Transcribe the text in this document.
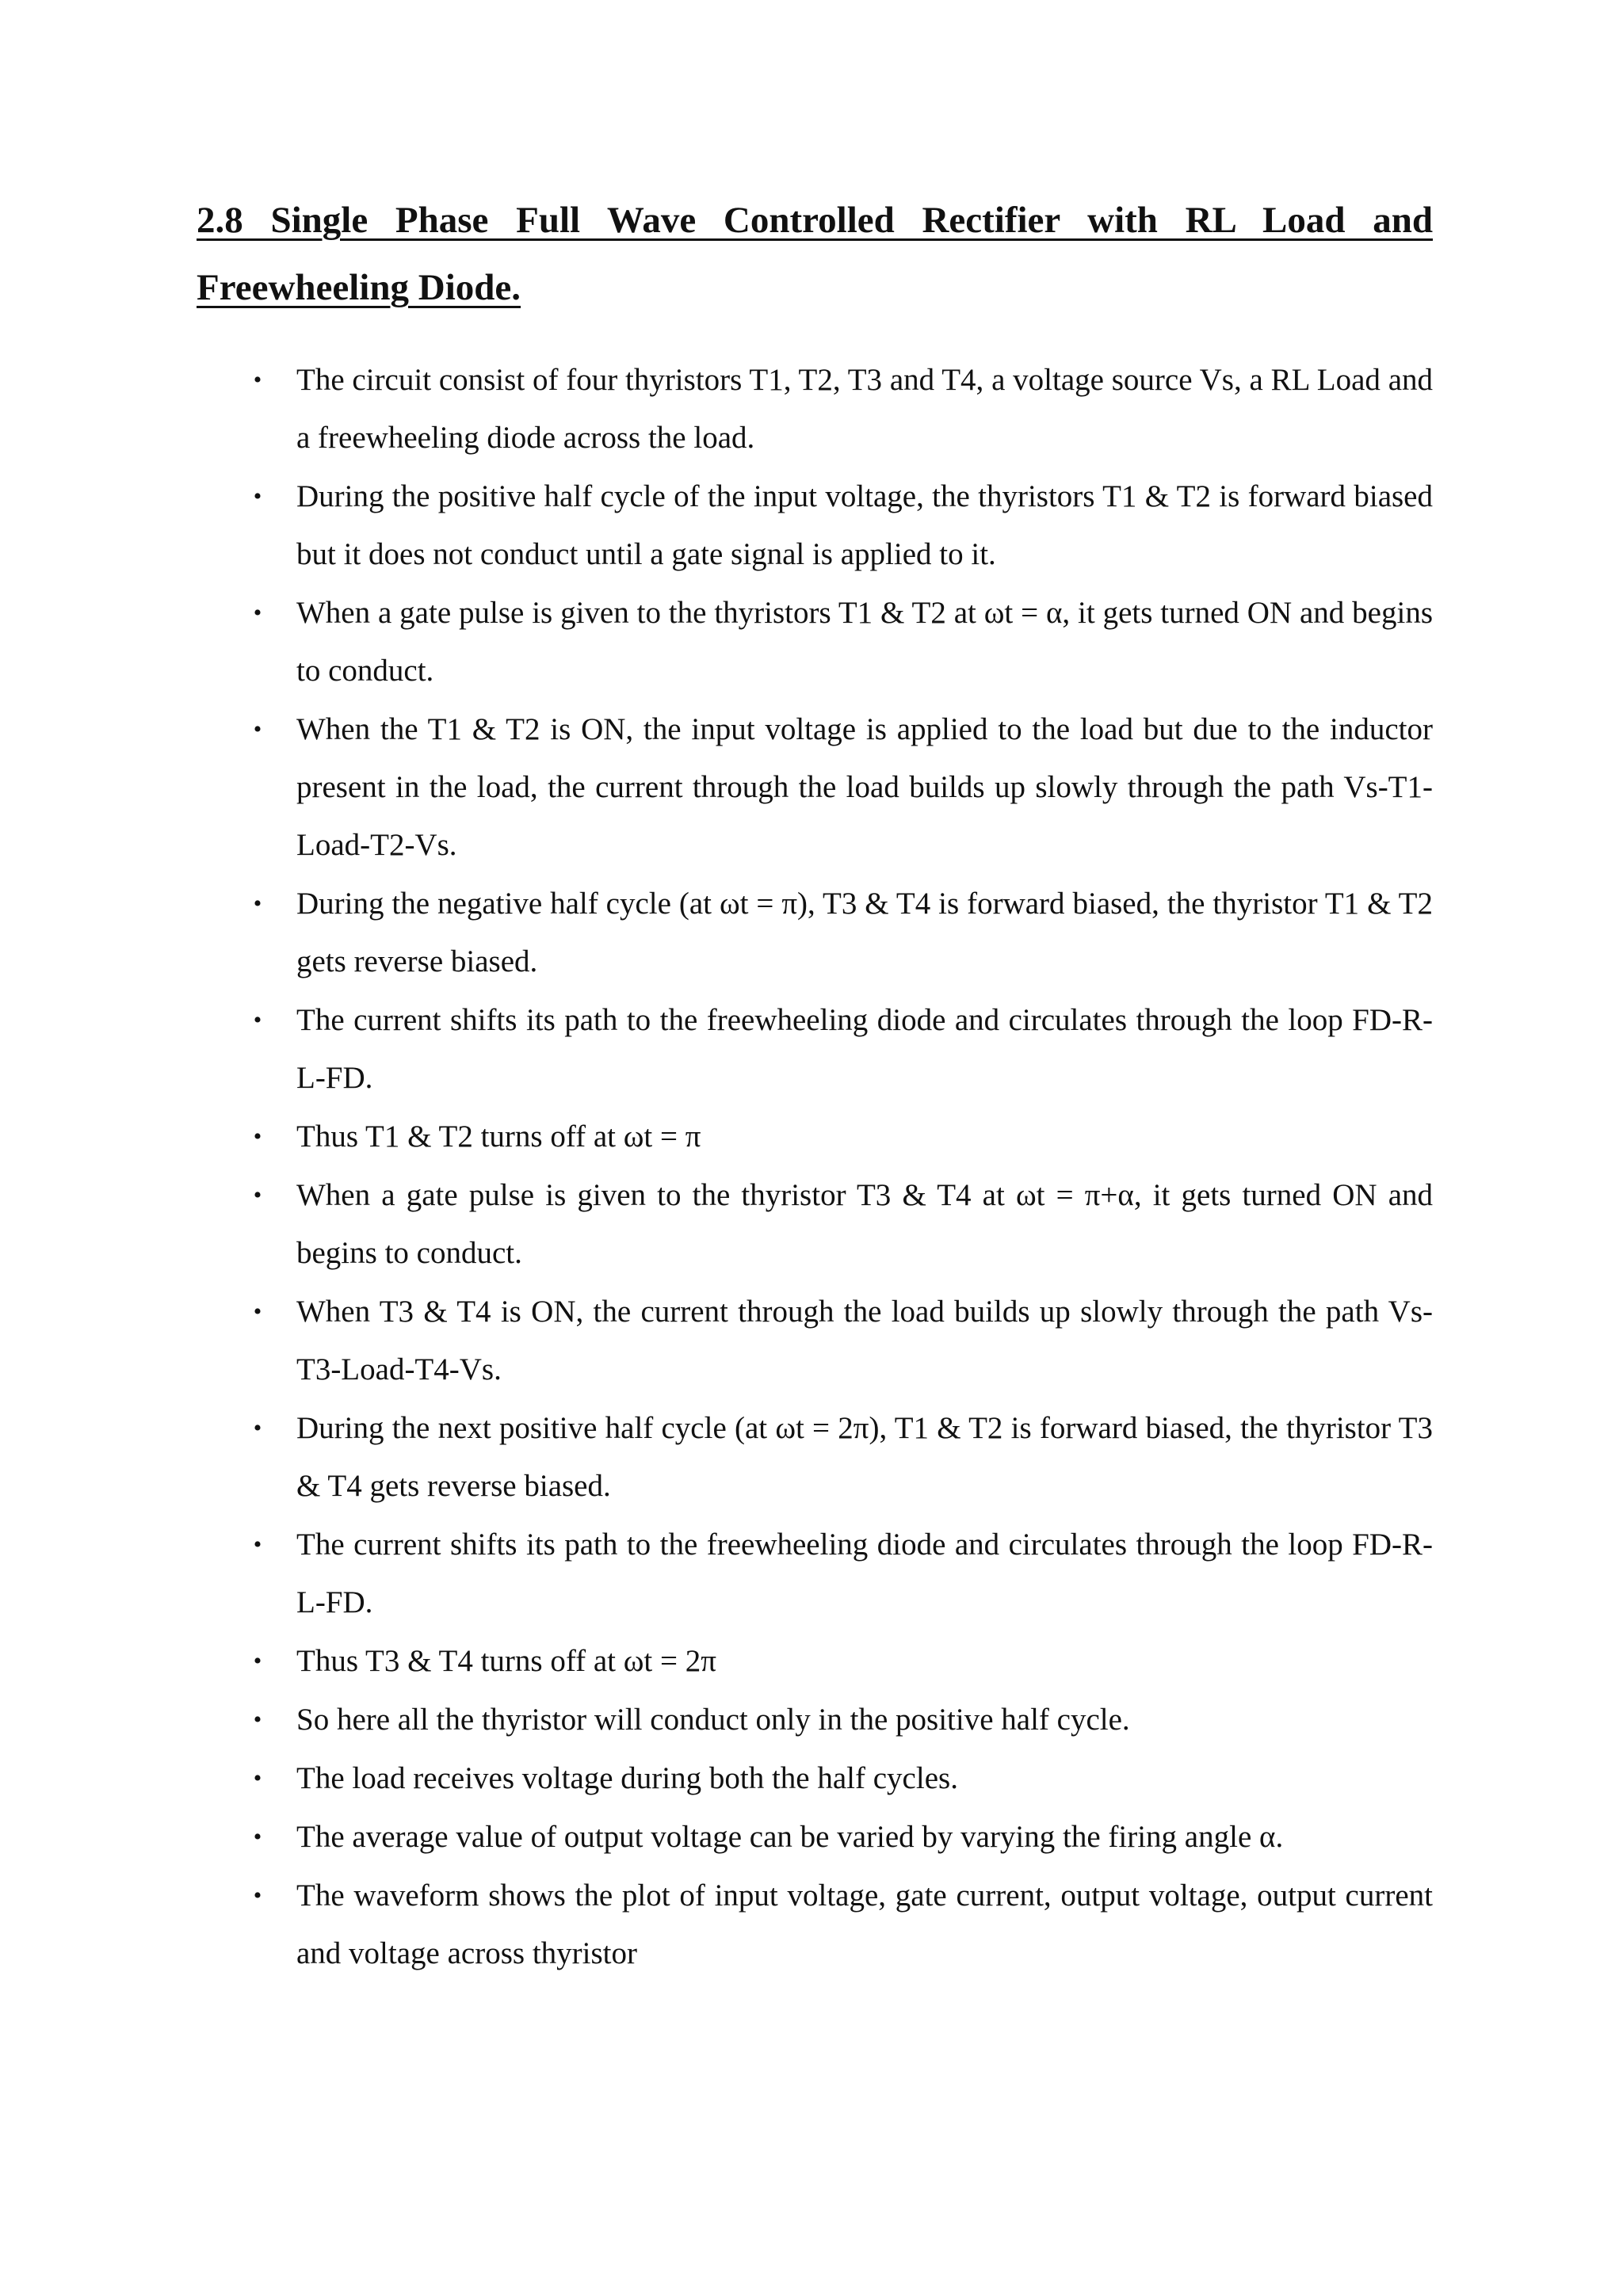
2.8 Single Phase Full Wave Controlled Rectifier with RL Load and Freewheeling Diode.
• The circuit consist of four thyristors T1, T2, T3 and T4, a voltage source Vs, a RL Load and a freewheeling diode across the load.
• During the positive half cycle of the input voltage, the thyristors T1 & T2 is forward biased but it does not conduct until a gate signal is applied to it.
• When a gate pulse is given to the thyristors T1 & T2 at ωt = α, it gets turned ON and begins to conduct.
• When the T1 & T2 is ON, the input voltage is applied to the load but due to the inductor present in the load, the current through the load builds up slowly through the path Vs-T1-Load-T2-Vs.
• During the negative half cycle (at ωt = π), T3 & T4 is forward biased, the thyristor T1 & T2 gets reverse biased.
• The current shifts its path to the freewheeling diode and circulates through the loop FD-R-L-FD.
• Thus T1 & T2 turns off at ωt = π
• When a gate pulse is given to the thyristor T3 & T4 at ωt = π+α, it gets turned ON and begins to conduct.
• When T3 & T4 is ON, the current through the load builds up slowly through the path Vs-T3-Load-T4-Vs.
• During the next positive half cycle (at ωt = 2π), T1 & T2 is forward biased, the thyristor T3 & T4 gets reverse biased.
• The current shifts its path to the freewheeling diode and circulates through the loop FD-R-L-FD.
• Thus T3 & T4 turns off at ωt = 2π
• So here all the thyristor will conduct only in the positive half cycle.
• The load receives voltage during both the half cycles.
• The average value of output voltage can be varied by varying the firing angle α.
• The waveform shows the plot of input voltage, gate current, output voltage, output current and voltage across thyristor
